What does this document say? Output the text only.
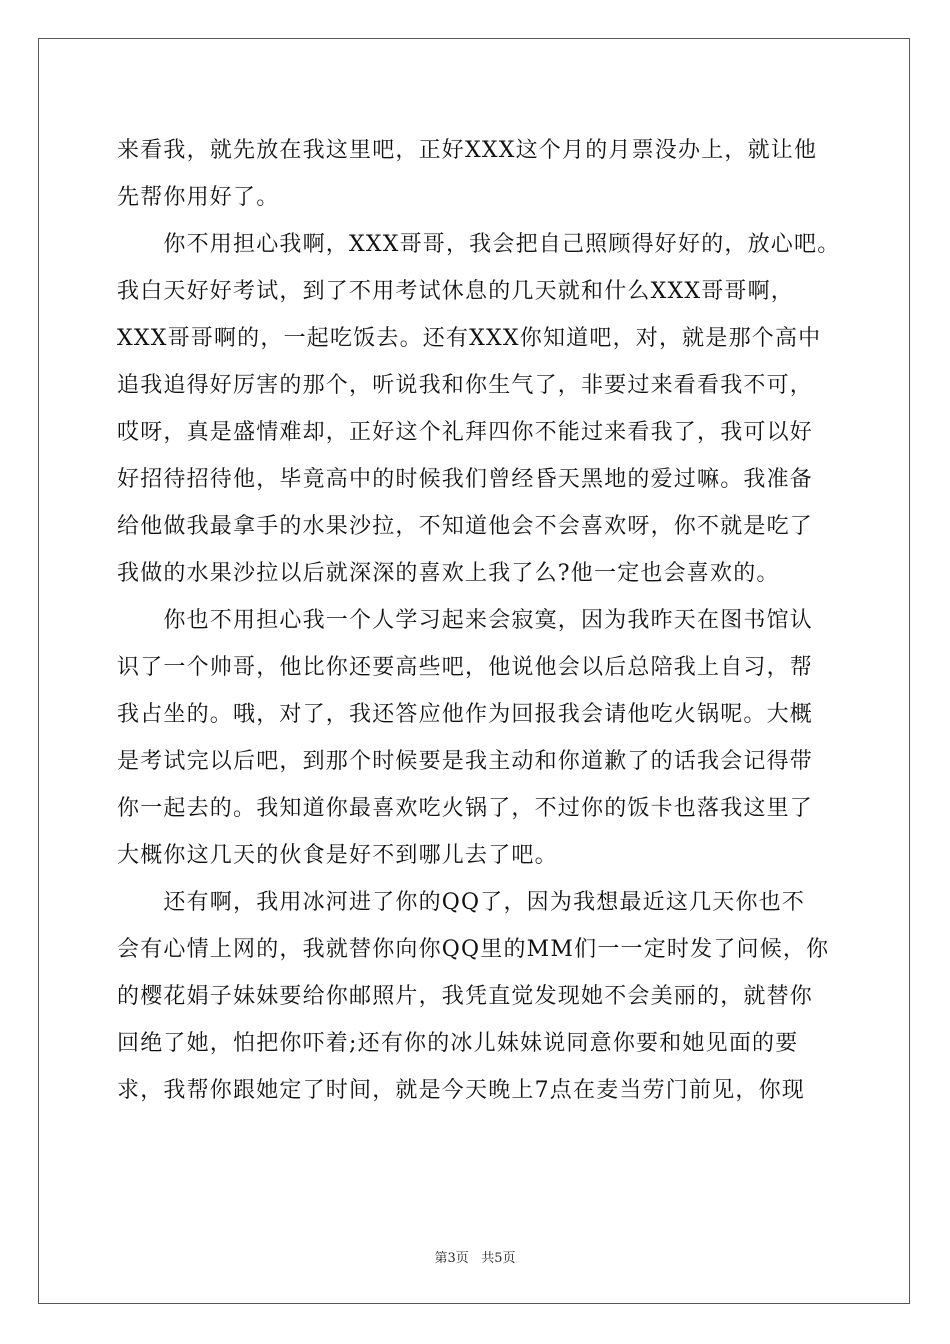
来看我，就先放在我这里吧，正好XXX这个月的月票没办上，就让他
先帮你用好了。
　　你不用担心我啊，XXX哥哥，我会把自己照顾得好好的，放心吧。
我白天好好考试，到了不用考试休息的几天就和什么XXX哥哥啊，
XXX哥哥啊的，一起吃饭去。还有XXX你知道吧，对，就是那个高中
追我追得好厉害的那个，听说我和你生气了，非要过来看看我不可，
哎呀，真是盛情难却，正好这个礼拜四你不能过来看我了，我可以好
好招待招待他，毕竟高中的时候我们曾经昏天黑地的爱过嘛。我准备
给他做我最拿手的水果沙拉，不知道他会不会喜欢呀，你不就是吃了
我做的水果沙拉以后就深深的喜欢上我了么?他一定也会喜欢的。
　　你也不用担心我一个人学习起来会寂寞，因为我昨天在图书馆认
识了一个帅哥，他比你还要高些吧，他说他会以后总陪我上自习，帮
我占坐的。哦，对了，我还答应他作为回报我会请他吃火锅呢。大概
是考试完以后吧，到那个时候要是我主动和你道歉了的话我会记得带
你一起去的。我知道你最喜欢吃火锅了，不过你的饭卡也落我这里了
大概你这几天的伙食是好不到哪儿去了吧。
　　还有啊，我用冰河进了你的QQ了，因为我想最近这几天你也不
会有心情上网的，我就替你向你QQ里的MM们一一定时发了问候，你
的樱花娟子妹妹要给你邮照片，我凭直觉发现她不会美丽的，就替你
回绝了她，怕把你吓着;还有你的冰儿妹妹说同意你要和她见面的要
求，我帮你跟她定了时间，就是今天晚上7点在麦当劳门前见，你现
第3页 共5页
